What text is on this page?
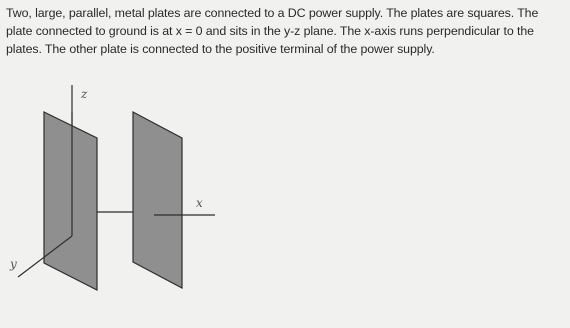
Two, large, parallel, metal plates are connected to a DC power supply. The plates are squares. The plate connected to ground is at x = 0 and sits in the y-z plane. The x-axis runs perpendicular to the plates. The other plate is connected to the positive terminal of the power supply.

z
x
y
